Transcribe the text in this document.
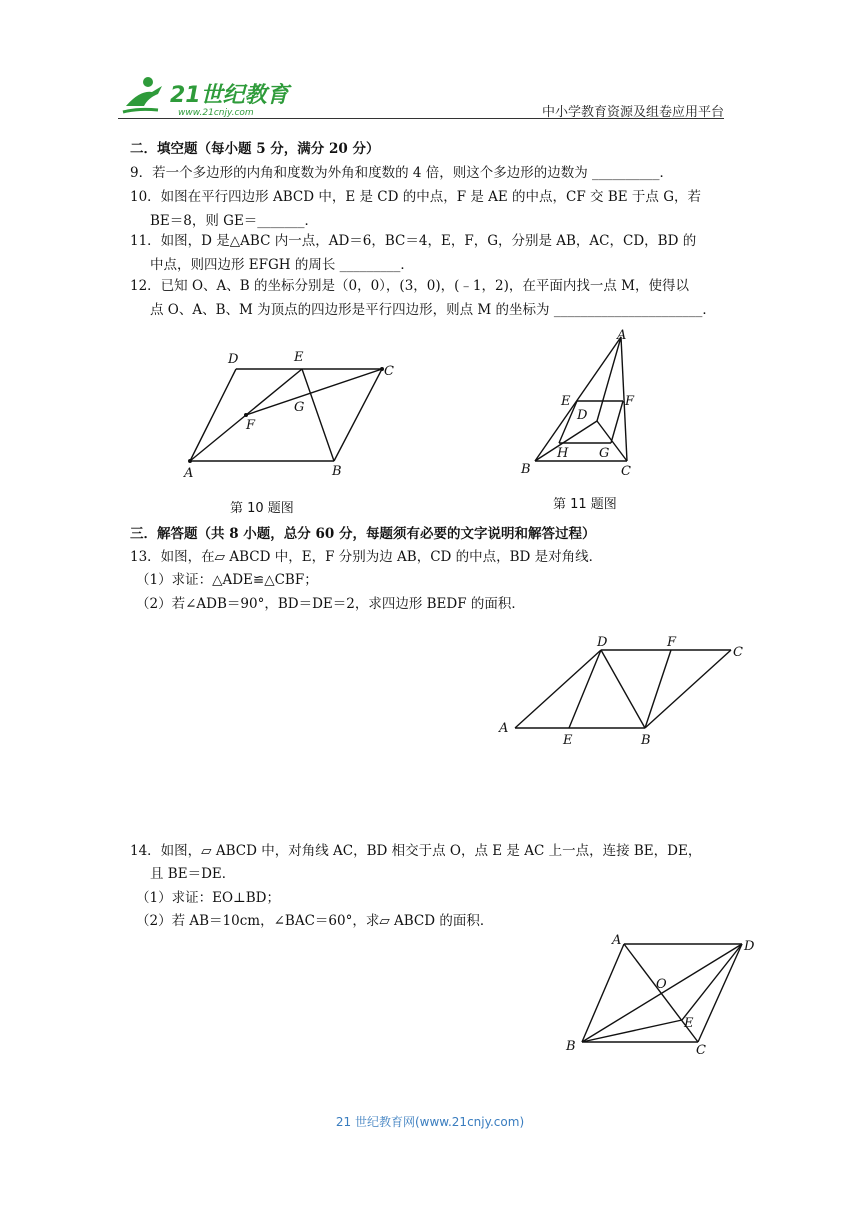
21世纪教育
www.21cnjy.com	中小学教育资源及组卷应用平台
二．填空题（每小题 5 分，满分 20 分）
9．若一个多边形的内角和度数为外角和度数的 4 倍，则这个多边形的边数为 __________．
10．如图在平行四边形 ABCD 中，E 是 CD 的中点，F 是 AE 的中点，CF 交 BE 于点 G，若
BE＝8，则 GE＝_______．
11．如图，D 是△ABC 内一点，AD＝6，BC＝4，E，F，G，分别是 AB，AC，CD，BD 的
中点，则四边形 EFGH 的周长 _________．
12．已知 O、A、B 的坐标分别是（0，0），(3，0)，(﹣1，2)，在平面内找一点 M，使得以
点 O、A、B、M 为顶点的四边形是平行四边形，则点 M 的坐标为 ______________________．
D	E
C
G
F
A	B
第 10 题图
A
E
D
F
B
H G
C
第 11 题图
三．解答题（共 8 小题，总分 60 分，每题须有必要的文字说明和解答过程）
13．如图，在▱ ABCD 中，E，F 分别为边 AB，CD 的中点，BD 是对角线．
（1）求证：△ADE≌△CBF；
（2）若∠ADB＝90°，BD＝DE＝2，求四边形 BEDF 的面积．
D	F
C
A
E	B
14．如图，▱ ABCD 中，对角线 AC，BD 相交于点 O，点 E 是 AC 上一点，连接 BE，DE，
且 BE＝DE．
（1）求证：EO⊥BD；
（2）若 AB＝10cm，∠BAC＝60°，求▱ ABCD 的面积．
A	D
O
E
B	C
21 世纪教育网(www.21cnjy.com)
